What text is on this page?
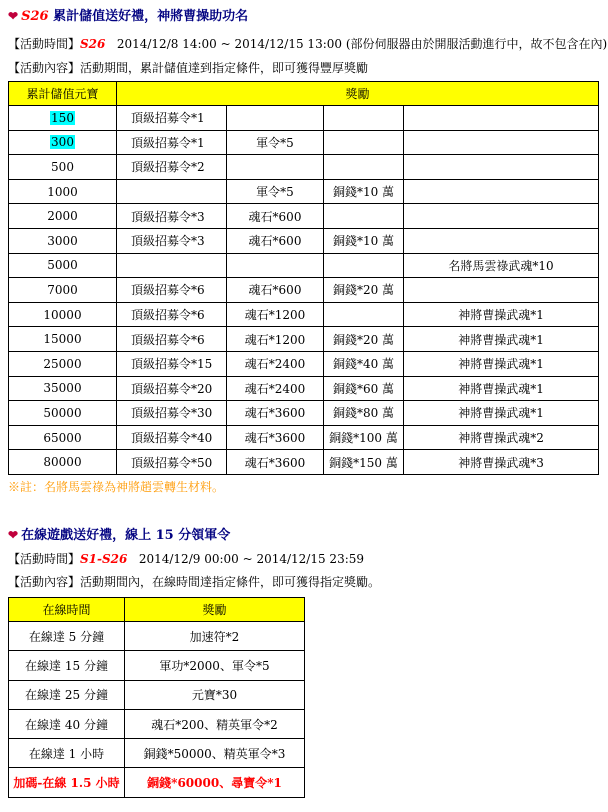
❤ S26 累計儲值送好禮，神將曹操助功名
【活動時間】S26 2014/12/8 14:00 ~ 2014/12/15 13:00 (部份伺服器由於開服活動進行中，故不包含在內)
【活動內容】活動期間，累計儲值達到指定條件，即可獲得豐厚獎勵
累計儲值元寶	獎勵			
150	頂級招募令*1			
300	頂級招募令*1	軍令*5		
500	頂級招募令*2			
1000		軍令*5	銅錢*10 萬	
2000	頂級招募令*3	魂石*600		
3000	頂級招募令*3	魂石*600	銅錢*10 萬	
5000				名將馬雲祿武魂*10
7000	頂級招募令*6	魂石*600	銅錢*20 萬	
10000	頂級招募令*6	魂石*1200		神將曹操武魂*1
15000	頂級招募令*6	魂石*1200	銅錢*20 萬	神將曹操武魂*1
25000	頂級招募令*15	魂石*2400	銅錢*40 萬	神將曹操武魂*1
35000	頂級招募令*20	魂石*2400	銅錢*60 萬	神將曹操武魂*1
50000	頂級招募令*30	魂石*3600	銅錢*80 萬	神將曹操武魂*1
65000	頂級招募令*40	魂石*3600	銅錢*100 萬	神將曹操武魂*2
80000	頂級招募令*50	魂石*3600	銅錢*150 萬	神將曹操武魂*3
※註：名將馬雲祿為神將趙雲轉生材料。
❤ 在線遊戲送好禮，線上 15 分領軍令
【活動時間】S1-S26 2014/12/9 00:00 ~ 2014/12/15 23:59
【活動內容】活動期間內，在線時間達指定條件，即可獲得指定獎勵。
在線時間	獎勵
在線達 5 分鐘	加速符*2
在線達 15 分鐘	軍功*2000、軍令*5
在線達 25 分鐘	元寶*30
在線達 40 分鐘	魂石*200、精英軍令*2
在線達 1 小時	銅錢*50000、精英軍令*3
加碼-在線 1.5 小時	銅錢*60000、尋寶令*1
